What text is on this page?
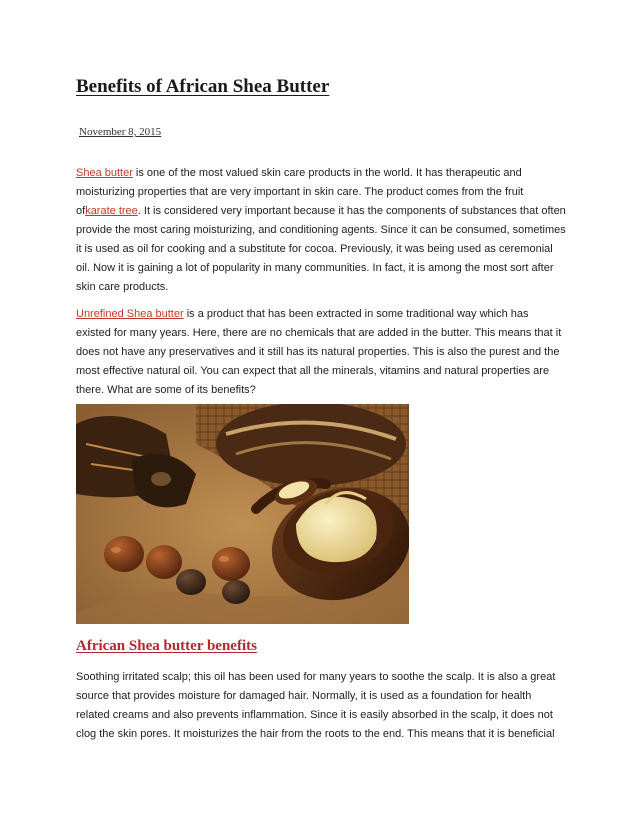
Benefits of African Shea Butter

November 8, 2015

Shea butter is one of the most valued skin care products in the world. It has therapeutic and moisturizing properties that are very important in skin care. The product comes from the fruit ofkarate tree. It is considered very important because it has the components of substances that often provide the most caring moisturizing, and conditioning agents. Since it can be consumed, sometimes it is used as oil for cooking and a substitute for cocoa. Previously, it was being used as ceremonial oil. Now it is gaining a lot of popularity in many communities. In fact, it is among the most sort after skin care products.

Unrefined Shea butter is a product that has been extracted in some traditional way which has existed for many years. Here, there are no chemicals that are added in the butter. This means that it does not have any preservatives and it still has its natural properties. This is also the purest and the most effective natural oil. You can expect that all the minerals, vitamins and natural properties are there. What are some of its benefits?

African Shea butter benefits

Soothing irritated scalp; this oil has been used for many years to soothe the scalp. It is also a great source that provides moisture for damaged hair. Normally, it is used as a foundation for health related creams and also prevents inflammation. Since it is easily absorbed in the scalp, it does not clog the skin pores. It moisturizes the hair from the roots to the end. This means that it is beneficial
